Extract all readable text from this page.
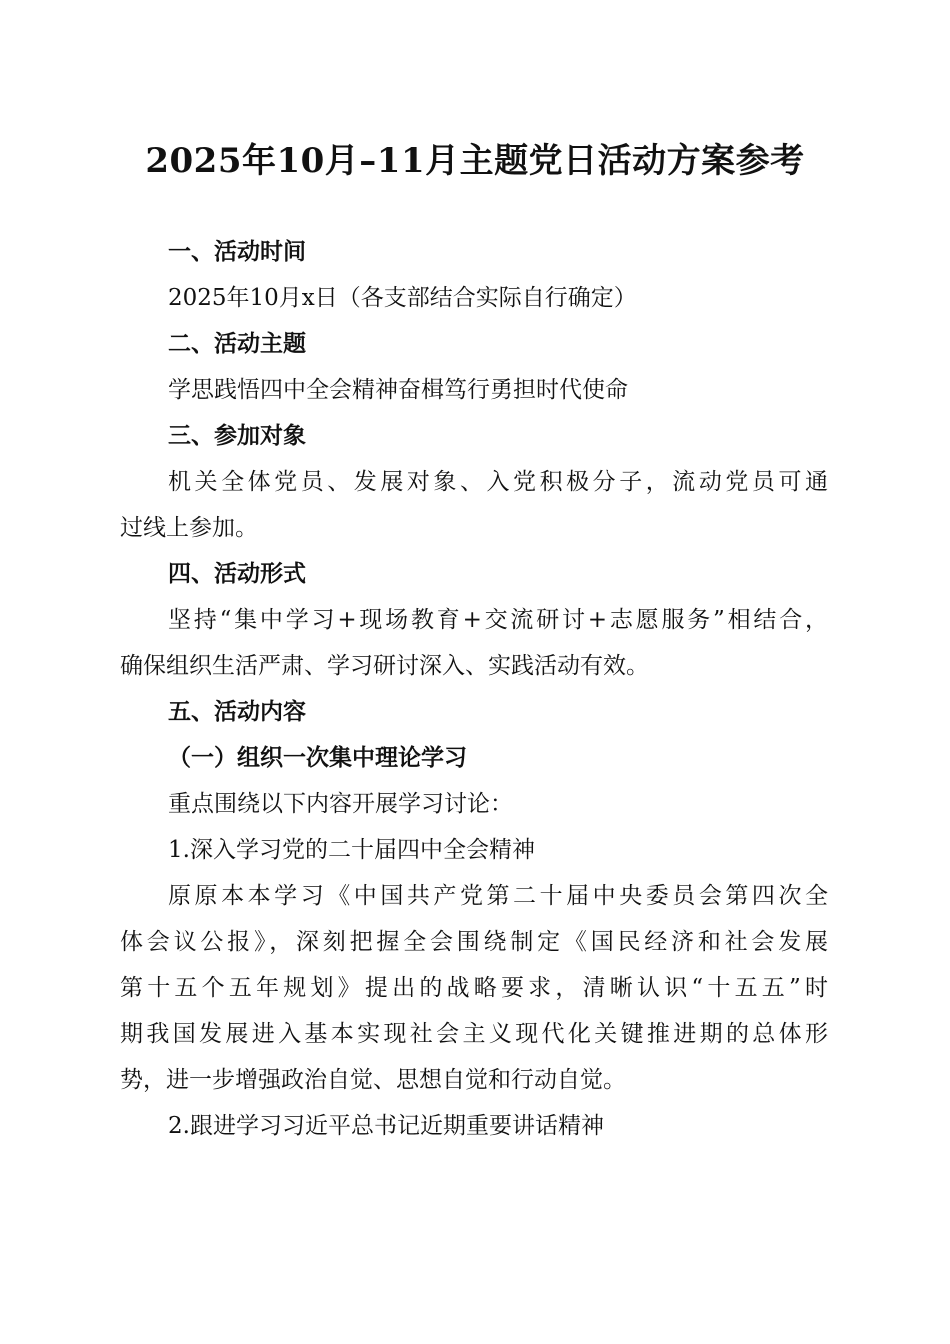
2025年10月–11月主题党日活动方案参考
一、活动时间
2025年10月x日（各支部结合实际自行确定）
二、活动主题
学思践悟四中全会精神奋楫笃行勇担时代使命
三、参加对象
机关全体党员、发展对象、入党积极分子，流动党员可通
过线上参加。
四、活动形式
坚持“集中学习+现场教育+交流研讨+志愿服务”相结合，
确保组织生活严肃、学习研讨深入、实践活动有效。
五、活动内容
（一）组织一次集中理论学习
重点围绕以下内容开展学习讨论：
1.深入学习党的二十届四中全会精神
原原本本学习《中国共产党第二十届中央委员会第四次全
体会议公报》，深刻把握全会围绕制定《国民经济和社会发展
第十五个五年规划》提出的战略要求，清晰认识“十五五”时
期我国发展进入基本实现社会主义现代化关键推进期的总体形
势，进一步增强政治自觉、思想自觉和行动自觉。
2.跟进学习习近平总书记近期重要讲话精神
